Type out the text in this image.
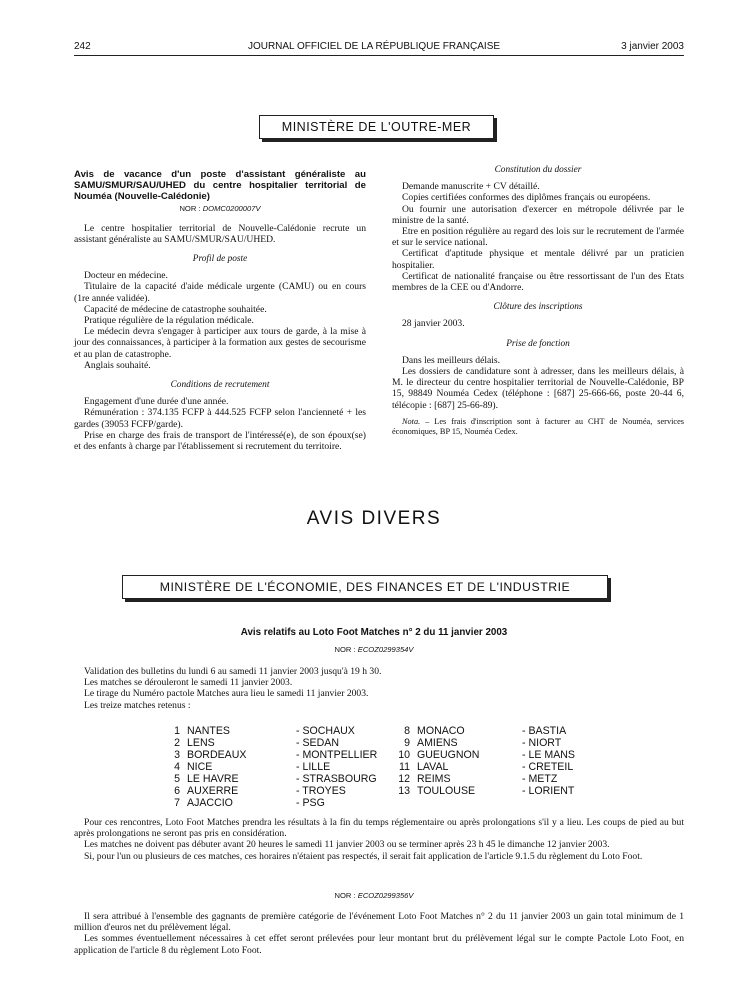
242	JOURNAL OFFICIEL DE LA RÉPUBLIQUE FRANÇAISE	3 janvier 2003
MINISTÈRE DE L'OUTRE-MER
Avis de vacance d'un poste d'assistant généraliste au SAMU/SMUR/SAU/UHED du centre hospitalier territorial de Nouméa (Nouvelle-Calédonie)
NOR : DOMC0200007V

Le centre hospitalier territorial de Nouvelle-Calédonie recrute un assistant généraliste au SAMU/SMUR/SAU/UHED.

Profil de poste

Docteur en médecine.

Titulaire de la capacité d'aide médicale urgente (CAMU) ou en cours (1re année validée).

Capacité de médecine de catastrophe souhaitée.

Pratique régulière de la régulation médicale.

Le médecin devra s'engager à participer aux tours de garde, à la mise à jour des connaissances, à participer à la formation aux gestes de secourisme et au plan de catastrophe.

Anglais souhaité.

Conditions de recrutement

Engagement d'une durée d'une année.

Rémunération : 374.135 FCFP à 444.525 FCFP selon l'ancienneté + les gardes (39053 FCFP/garde).

Prise en charge des frais de transport de l'intéressé(e), de son époux(se) et des enfants à charge par l'établissement si recrutement du territoire.

Constitution du dossier

Demande manuscrite + CV détaillé.

Copies certifiées conformes des diplômes français ou européens.

Ou fournir une autorisation d'exercer en métropole délivrée par le ministre de la santé.

Etre en position régulière au regard des lois sur le recrutement de l'armée et sur le service national.

Certificat d'aptitude physique et mentale délivré par un praticien hospitalier.

Certificat de nationalité française ou être ressortissant de l'un des Etats membres de la CEE ou d'Andorre.

Clôture des inscriptions

28 janvier 2003.

Prise de fonction

Dans les meilleurs délais.

Les dossiers de candidature sont à adresser, dans les meilleurs délais, à M. le directeur du centre hospitalier territorial de Nouvelle-Calédonie, BP 15, 98849 Nouméa Cedex (téléphone : [687] 25-666-66, poste 20-44 6, télécopie : [687] 25-66-89).

Nota. – Les frais d'inscription sont à facturer au CHT de Nouméa, services économiques, BP 15, Nouméa Cedex.

AVIS DIVERS
MINISTÈRE DE L'ÉCONOMIE, DES FINANCES ET DE L'INDUSTRIE
Avis relatifs au Loto Foot Matches n° 2 du 11 janvier 2003
NOR : ECOZ0299354V

Validation des bulletins du lundi 6 au samedi 11 janvier 2003 jusqu'à 19 h 30.

Les matches se dérouleront le samedi 11 janvier 2003.

Le tirage du Numéro pactole Matches aura lieu le samedi 11 janvier 2003.

Les treize matches retenus :

1
2
3
4
5
6
7
NANTES
LENS
BORDEAUX
NICE
LE HAVRE
AUXERRE
AJACCIO
- SOCHAUX
- SEDAN
- MONTPELLIER
- LILLE
- STRASBOURG
- TROYES
- PSG
8
9
10
11
12
13
MONACO
AMIENS
GUEUGNON
LAVAL
REIMS
TOULOUSE
- BASTIA
- NIORT
- LE MANS
- CRETEIL
- METZ
- LORIENT

Pour ces rencontres, Loto Foot Matches prendra les résultats à la fin du temps réglementaire ou après prolongations s'il y a lieu. Les coups de pied au but après prolongations ne seront pas pris en considération.

Les matches ne doivent pas débuter avant 20 heures le samedi 11 janvier 2003 ou se terminer après 23 h 45 le dimanche 12 janvier 2003.

Si, pour l'un ou plusieurs de ces matches, ces horaires n'étaient pas respectés, il serait fait application de l'article 9.1.5 du règlement du Loto Foot.

NOR : ECOZ0299356V

Il sera attribué à l'ensemble des gagnants de première catégorie de l'événement Loto Foot Matches n° 2 du 11 janvier 2003 un gain total minimum de 1 million d'euros net du prélèvement légal.

Les sommes éventuellement nécessaires à cet effet seront prélevées pour leur montant brut du prélèvement légal sur le compte Pactole Loto Foot, en application de l'article 8 du règlement Loto Foot.
